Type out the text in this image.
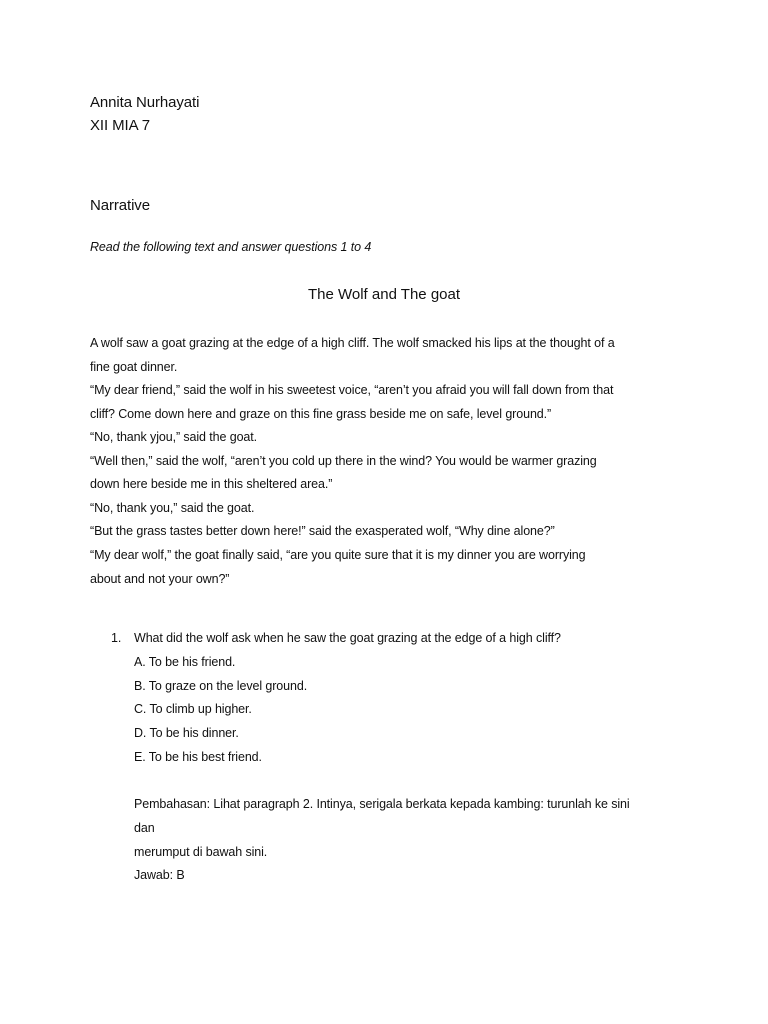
Annita Nurhayati
XII MIA 7
Narrative
Read the following text and answer questions 1 to 4
The Wolf and The goat
A wolf saw a goat grazing at the edge of a high cliff. The wolf smacked his lips at the thought of a
fine goat dinner.
“My dear friend,” said the wolf in his sweetest voice, “aren’t you afraid you will fall down from that
cliff? Come down here and graze on this fine grass beside me on safe, level ground.”
“No, thank yjou,” said the goat.
“Well then,” said the wolf, “aren’t you cold up there in the wind? You would be warmer grazing
down here beside me in this sheltered area.”
“No, thank you,” said the goat.
“But the grass tastes better down here!” said the exasperated wolf, “Why dine alone?”
“My dear wolf,” the goat finally said, “are you quite sure that it is my dinner you are worrying
about and not your own?”
1. What did the wolf ask when he saw the goat grazing at the edge of a high cliff?
A. To be his friend.
B. To graze on the level ground.
C. To climb up higher.
D. To be his dinner.
E. To be his best friend.
Pembahasan: Lihat paragraph 2. Intinya, serigala berkata kepada kambing: turunlah ke sini
dan
merumput di bawah sini.
Jawab: B
